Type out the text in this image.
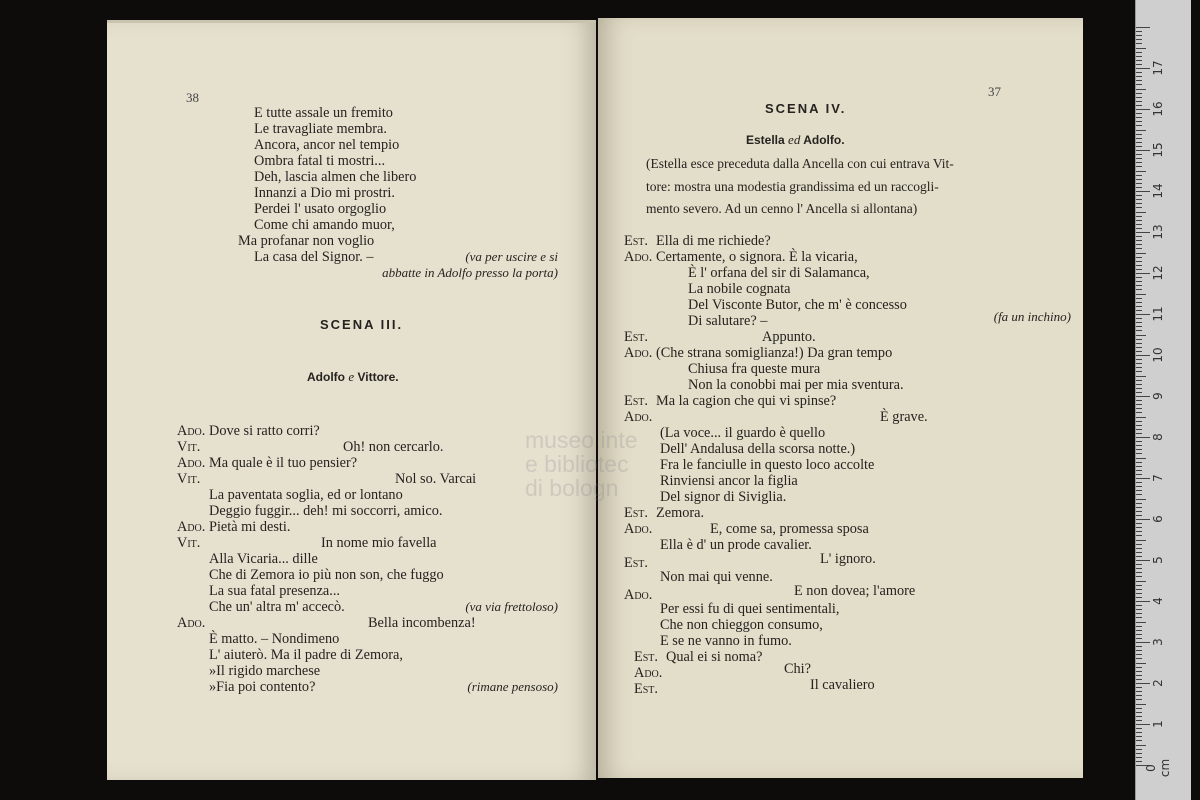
38
E tutte assale un fremito
Le travagliate membra.
Ancora, ancor nel tempio
Ombra fatal ti mostri...
Deh, lascia almen che libero
Innanzi a Dio mi prostri.
Perdei l' usato orgoglio
Come chi amando muor,
Ma profanar non voglio
La casa del Signor. –	(va per uscire e si
abbatte in Adolfo presso la porta)
SCENA III.
Adolfo e Vittore.
Ado. Dove si ratto corri?
Vit.	Oh! non cercarlo.
Ado. Ma quale è il tuo pensier?
Vit.	Nol so. Varcai
La paventata soglia, ed or lontano
Deggio fuggir... deh! mi soccorri, amico.
Ado. Pietà mi desti.
Vit.	In nome mio favella
Alla Vicaria... dille
Che di Zemora io più non son, che fuggo
La sua fatal presenza...
Che un' altra m' accecò.	(va via frettoloso)
Ado.	Bella incombenza!
È matto. – Nondimeno
L' aiuterò. Ma il padre di Zemora,
»Il rigido marchese
»Fia poi contento?	(rimane pensoso)
37
SCENA IV.
Estella ed Adolfo.
(Estella esce preceduta dalla Ancella con cui entrava Vit-
tore: mostra una modestia grandissima ed un raccogli-
mento severo. Ad un cenno l' Ancella si allontana)
Est. Ella di me richiede?
Ado. Certamente, o signora. È la vicaria,
È l' orfana del sir di Salamanca,
La nobile cognata
Del Visconte Butor, che m' è concesso
Di salutare? –	(fa un inchino)
Est.	Appunto.
Ado. (Che strana somiglianza!) Da gran tempo
Chiusa fra queste mura
Non la conobbi mai per mia sventura.
Est. Ma la cagion che qui vi spinse?
Ado.	È grave.
(La voce... il guardo è quello
Dell' Andalusa della scorsa notte.)
Fra le fanciulle in questo loco accolte
Rinviensi ancor la figlia
Del signor di Siviglia.
Est. Zemora.
Ado.	E, come sa, promessa sposa
Ella è d' un prode cavalier.
Est.	L' ignoro.
Non mai qui venne.
Ado.	E non dovea; l'amore
Per essi fu di quei sentimentali,
Che non chieggon consumo,
E se ne vanno in fumo.
Est. Qual ei si noma?
Ado.	Chi?
Est.	Il cavaliero
museo inte
e bibliotec
di bologn
1
2
3
4
5
6
7
8
9
10
11
12
13
14
15
16
17
0 cm
